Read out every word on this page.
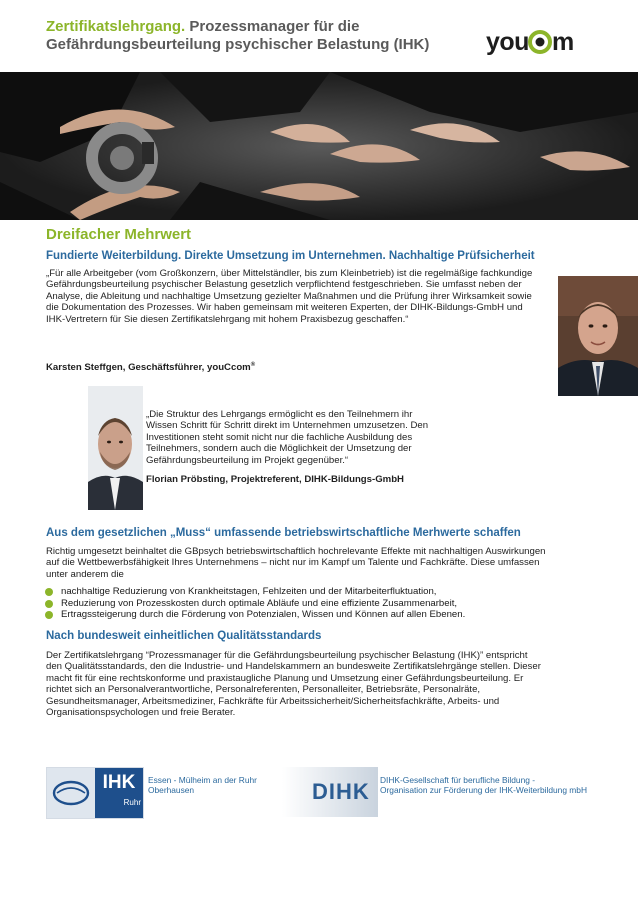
Zertifikatslehrgang. Prozessmanager für die Gefährdungsbeurteilung psychischer Belastung (IHK)	you m
Dreifacher Mehrwert
Fundierte Weiterbildung. Direkte Umsetzung im Unternehmen. Nachhaltige Prüfsicherheit
„Für alle Arbeitgeber (vom Großkonzern, über Mittelständler, bis zum Kleinbetrieb) ist die regelmäßige fachkundige Gefährdungsbeurteilung psychischer Belastung gesetzlich verpflichtend festgeschrieben. Sie umfasst neben der Analyse, die Ableitung und nachhaltige Umsetzung gezielter Maßnahmen und die Prüfung ihrer Wirksamkeit sowie die Dokumentation des Prozesses. Wir haben gemeinsam mit weiteren Experten, der DIHK-Bildungs-GmbH und IHK-Vertretern für Sie diesen Zertifikatslehrgang mit hohem Praxisbezug geschaffen.“
Karsten Steffgen, Geschäftsführer, youCcom®
„Die Struktur des Lehrgangs ermöglicht es den Teilnehmern ihr Wissen Schritt für Schritt direkt im Unternehmen umzusetzen. Den Investitionen steht somit nicht nur die fachliche Ausbildung des Teilnehmers, sondern auch die Möglichkeit der Umsetzung der Gefährdungsbeurteilung im Projekt gegenüber.“
Florian Pröbsting, Projektreferent, DIHK-Bildungs-GmbH
Aus dem gesetzlichen „Muss“ umfassende betriebswirtschaftliche Merhwerte schaffen
Richtig umgesetzt beinhaltet die GBpsych betriebswirtschaftlich hochrelevante Effekte mit nachhaltigen Auswirkungen auf die Wettbewerbsfähigkeit Ihres Unternehmens – nicht nur im Kampf um Talente und Fachkräfte. Diese umfassen unter anderem die
nachhaltige Reduzierung von Krankheitstagen, Fehlzeiten und der Mitarbeiterfluktuation,
Reduzierung von Prozesskosten durch optimale Abläufe und eine effiziente Zusammenarbeit,
Ertragssteigerung durch die Förderung von Potenzialen, Wissen und Können auf allen Ebenen.
Nach bundesweit einheitlichen Qualitätsstandards
Der Zertifikatslehrgang “Prozessmanager für die Gefährdungsbeurteilung psychischer Belastung (IHK)” entspricht den Qualitätsstandards, den die Industrie- und Handelskammern an bundesweite Zertifikatslehrgänge stellen. Dieser macht fit für eine rechtskonforme und praxistaugliche Planung und Umsetzung einer Gefährdungsbeurteilung. Er richtet sich an Personalverantwortliche, Personalreferenten, Personalleiter, Betriebsräte, Personalräte, Gesundheitsmanager, Arbeitsmediziner, Fachkräfte für Arbeitssicherheit/Sicherheitsfachkräfte, Arbeits- und Organisationspsychologen und freie Berater.
IHK
Ruhr
Essen - Mülheim an der Ruhr
Oberhausen	DIHK DIHK-Gesellschaft für berufliche Bildung -
Organisation zur Förderung der IHK-Weiterbildung mbH
